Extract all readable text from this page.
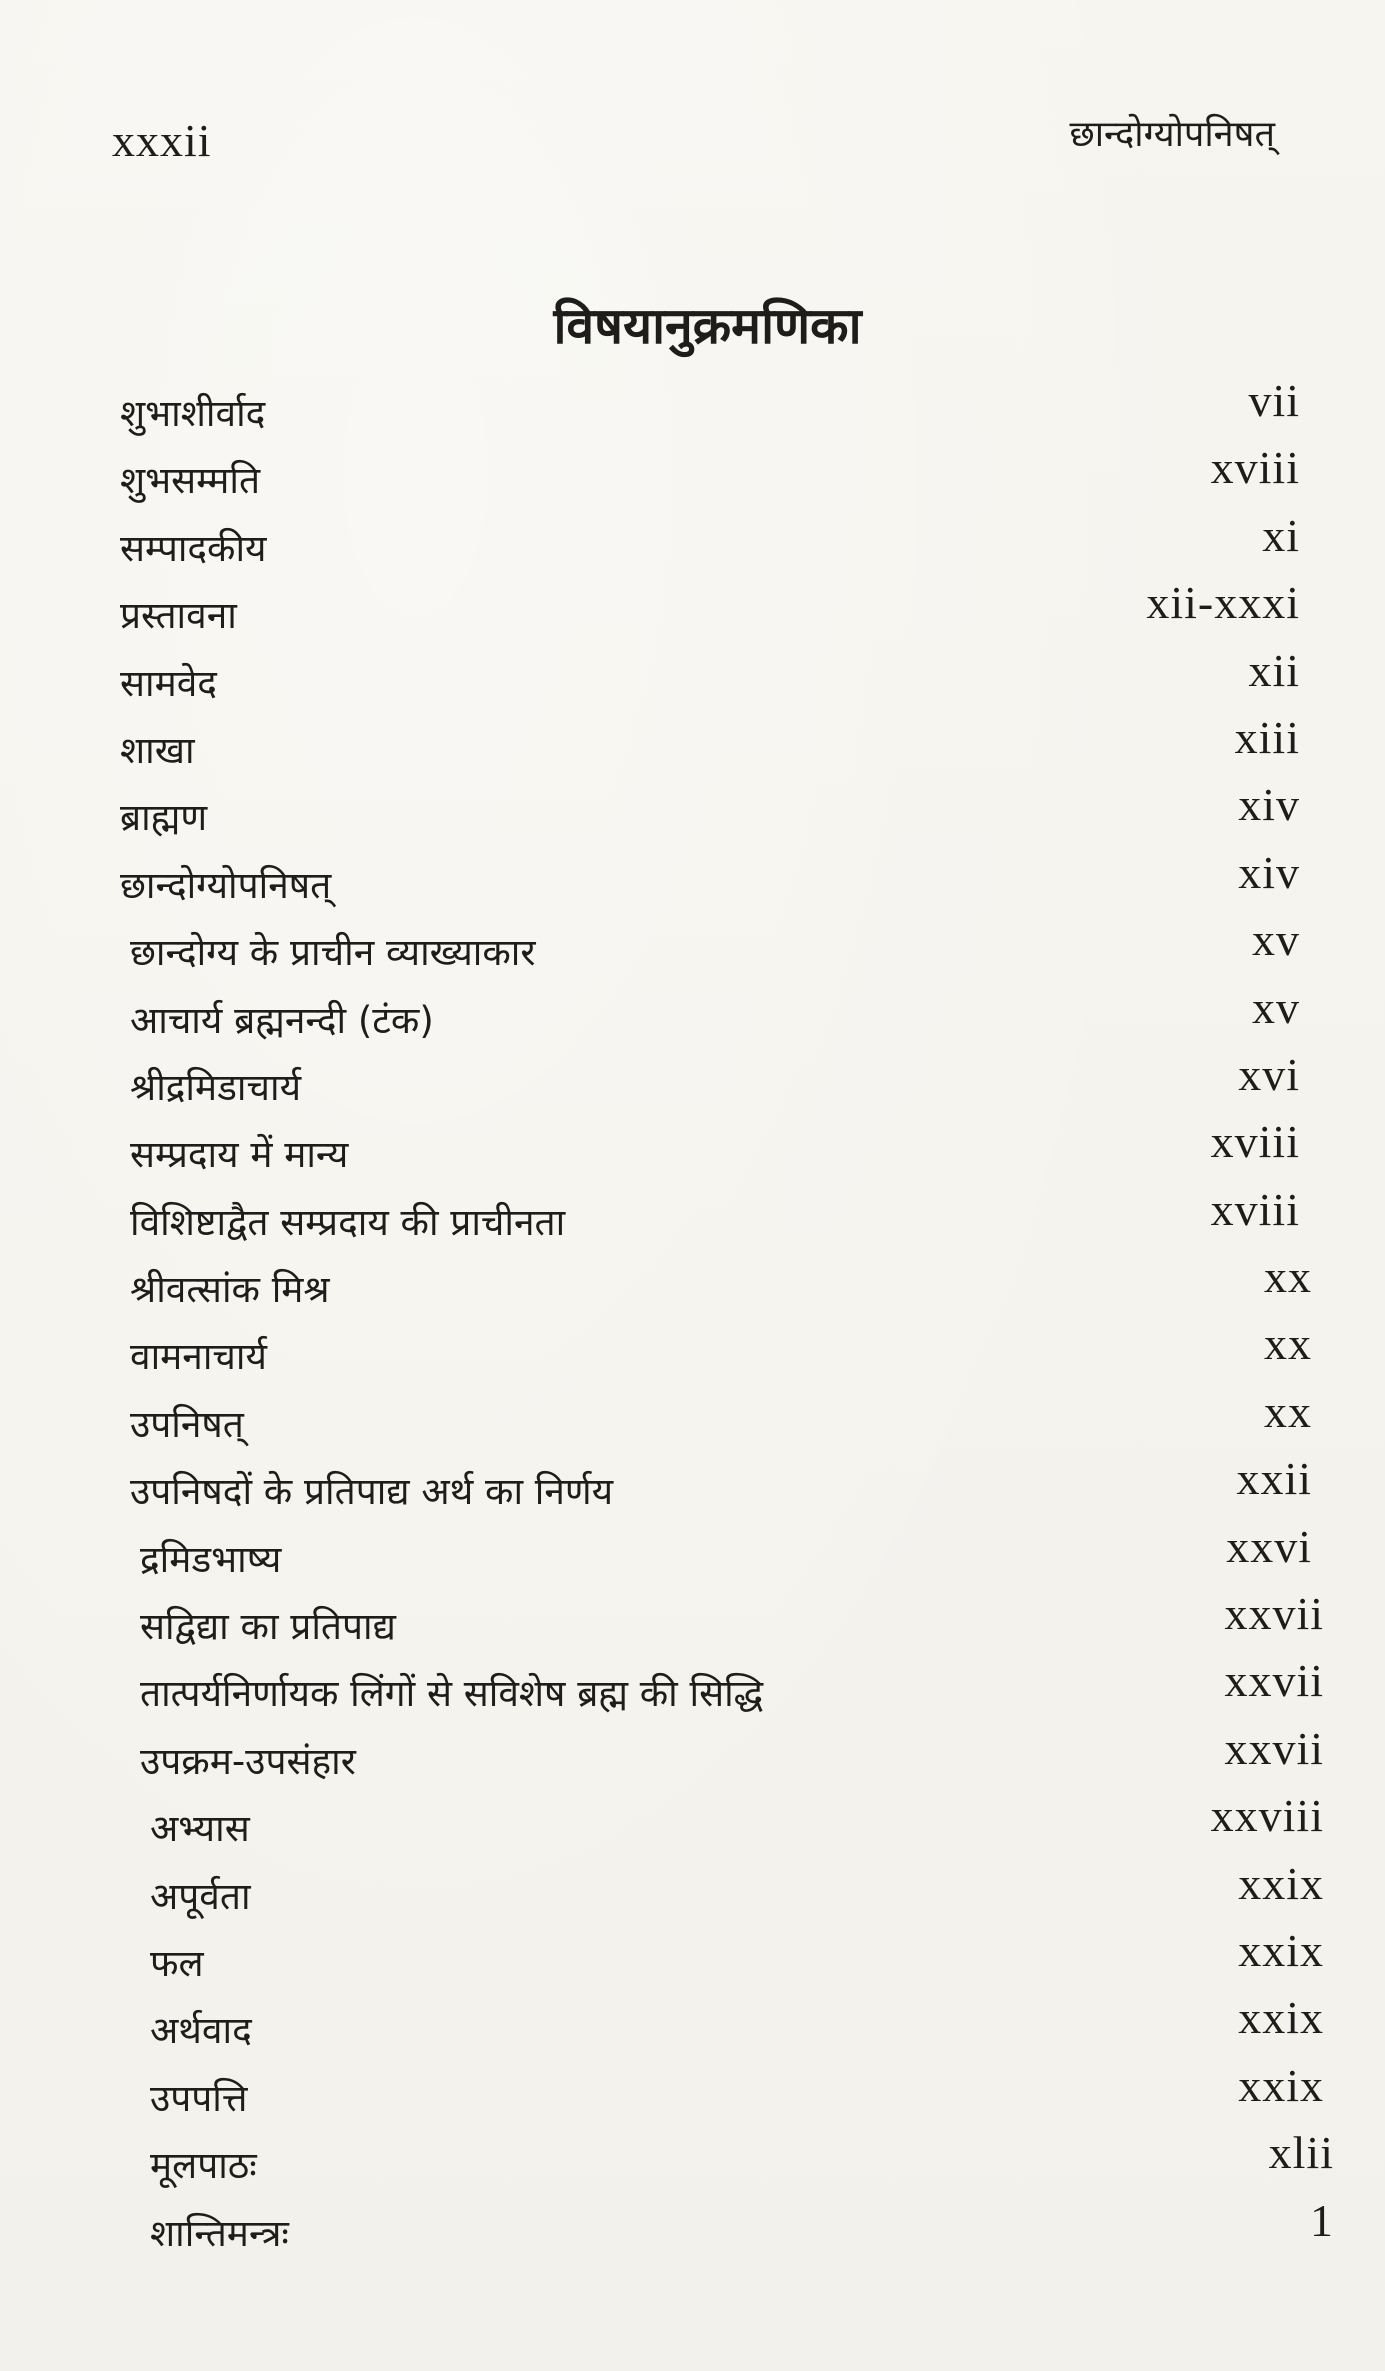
xxxii	छान्दोग्योपनिषत्
विषयानुक्रमणिका
शुभाशीर्वाद	vii
शुभसम्मति	xviii
सम्पादकीय	xi
प्रस्तावना	xii-xxxi
सामवेद	xii
शाखा	xiii
ब्राह्मण	xiv
छान्दोग्योपनिषत्	xiv
छान्दोग्य के प्राचीन व्याख्याकार	xv
आचार्य ब्रह्मनन्दी (टंक)	xv
श्रीद्रमिडाचार्य	xvi
सम्प्रदाय में मान्य	xviii
विशिष्टाद्वैत सम्प्रदाय की प्राचीनता	xviii
श्रीवत्सांक मिश्र	xx
वामनाचार्य	xx
उपनिषत्	xx
उपनिषदों के प्रतिपाद्य अर्थ का निर्णय	xxii
द्रमिडभाष्य	xxvi
सद्विद्या का प्रतिपाद्य	xxvii
तात्पर्यनिर्णायक लिंगों से सविशेष ब्रह्म की सिद्धि	xxvii
उपक्रम-उपसंहार	xxvii
अभ्यास	xxviii
अपूर्वता	xxix
फल	xxix
अर्थवाद	xxix
उपपत्ति	xxix
मूलपाठः	xlii
शान्तिमन्त्रः	1
